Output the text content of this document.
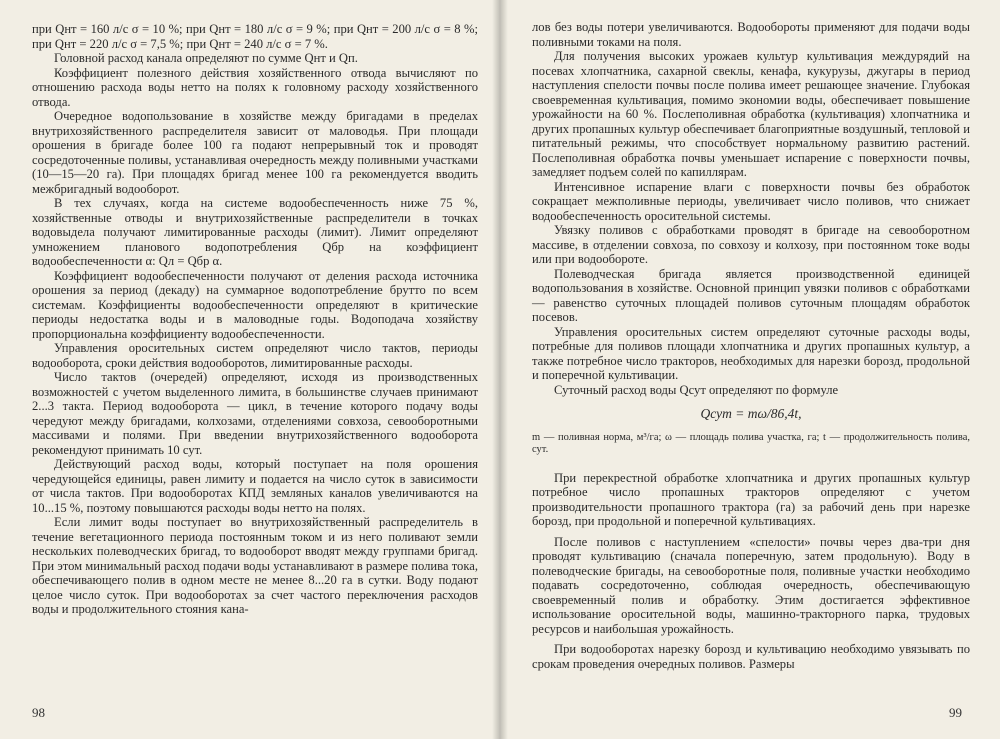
при Qнт = 160 л/с σ = 10 %; при Qнт = 180 л/с σ = 9 %; при Qнт = 200 л/с σ = 8 %; при Qнт = 220 л/с σ = 7,5 %; при Qнт = 240 л/с σ = 7 %.

Головной расход канала определяют по сумме Qнт и Qп.

Коэффициент полезного действия хозяйственного отвода вычисляют по отношению расхода воды нетто на полях к головному расходу хозяйственного отвода.

Очередное водопользование в хозяйстве между бригадами в пределах внутрихозяйственного распределителя зависит от маловодья. При площади орошения в бригаде более 100 га подают непрерывный ток и проводят сосредоточенные поливы, устанавливая очередность между поливными участками (10—15—20 га). При площадях бригад менее 100 га рекомендуется вводить межбригадный водооборот.

В тех случаях, когда на системе водообеспеченность ниже 75 %, хозяйственные отводы и внутрихозяйственные распределители в точках водовыдела получают лимитированные расходы (лимит). Лимит определяют умножением планового водопотребления Qбр на коэффициент водообеспеченности α: Qл = Qбр α.

Коэффициент водообеспеченности получают от деления расхода источника орошения за период (декаду) на суммарное водопотребление брутто по всем системам. Коэффициенты водообеспеченности определяют в критические периоды недостатка воды и в маловодные годы. Водоподача хозяйству пропорциональна коэффициенту водообеспеченности.

Управления оросительных систем определяют число тактов, периоды водооборота, сроки действия водооборотов, лимитированные расходы.

Число тактов (очередей) определяют, исходя из производственных возможностей с учетом выделенного лимита, в большинстве случаев принимают 2...3 такта. Период водооборота — цикл, в течение которого подачу воды чередуют между бригадами, колхозами, отделениями совхоза, севооборотными массивами и полями. При введении внутрихозяйственного водооборота рекомендуют принимать 10 сут.

Действующий расход воды, который поступает на поля орошения чередующейся единицы, равен лимиту и подается на число суток в зависимости от числа тактов. При водооборотах КПД земляных каналов увеличиваются на 10...15 %, поэтому повышаются расходы воды нетто на полях.

Если лимит воды поступает во внутрихозяйственный распределитель в течение вегетационного периода постоянным током и из него поливают земли нескольких полеводческих бригад, то водооборот вводят между группами бригад. При этом минимальный расход подачи воды устанавливают в размере полива тока, обеспечивающего полив в одном месте не менее 8...20 га в сутки. Воду подают целое число суток. При водооборотах за счет частого переключения расходов воды и продолжительного стояния кана-

98

лов без воды потери увеличиваются. Водообороты применяют для подачи воды поливными токами на поля.

Для получения высоких урожаев культур культивация междурядий на посевах хлопчатника, сахарной свеклы, кенафа, кукурузы, джугары в период наступления спелости почвы после полива имеет решающее значение. Глубокая своевременная культивация, помимо экономии воды, обеспечивает повышение урожайности на 60 %. Послеполивная обработка (культивация) хлопчатника и других пропашных культур обеспечивает благоприятные воздушный, тепловой и питательный режимы, что способствует нормальному развитию растений. Послеполивная обработка почвы уменьшает испарение с поверхности почвы, замедляет подъем солей по капиллярам.

Интенсивное испарение влаги с поверхности почвы без обработок сокращает межполивные периоды, увеличивает число поливов, что снижает водообеспеченность оросительной системы.

Увязку поливов с обработками проводят в бригаде на севооборотном массиве, в отделении совхоза, по совхозу и колхозу, при постоянном токе воды или при водообороте.

Полеводческая бригада является производственной единицей водопользования в хозяйстве. Основной принцип увязки поливов с обработками — равенство суточных площадей поливов суточным площадям обработок посевов.

Управления оросительных систем определяют суточные расходы воды, потребные для поливов площади хлопчатника и других пропашных культур, а также потребное число тракторов, необходимых для нарезки борозд, продольной и поперечной культивации.

Суточный расход воды Qсут определяют по формуле

Qсут = mω/86,4t,
m — поливная норма, м³/га; ω — площадь полива участка, га; t — продолжительность полива, сут.

При перекрестной обработке хлопчатника и других пропашных культур потребное число пропашных тракторов определяют с учетом производительности пропашного трактора (га) за рабочий день при нарезке борозд, при продольной и поперечной культивациях.

После поливов с наступлением «спелости» почвы через два-три дня проводят культивацию (сначала поперечную, затем продольную). Воду в полеводческие бригады, на севооборотные поля, поливные участки необходимо подавать сосредоточенно, соблюдая очередность, обеспечивающую своевременный полив и обработку. Этим достигается эффективное использование оросительной воды, машинно-тракторного парка, трудовых ресурсов и наибольшая урожайность.

При водооборотах нарезку борозд и культивацию необходимо увязывать по срокам проведения очередных поливов. Размеры

99
